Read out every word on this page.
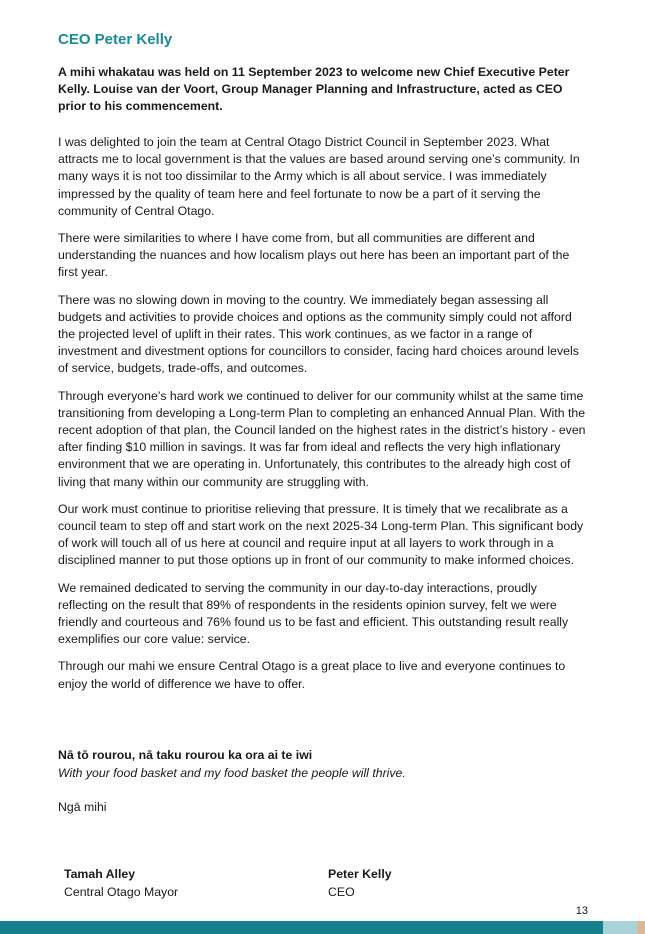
CEO Peter Kelly

A mihi whakatau was held on 11 September 2023 to welcome new Chief Executive Peter Kelly. Louise van der Voort, Group Manager Planning and Infrastructure, acted as CEO prior to his commencement.

I was delighted to join the team at Central Otago District Council in September 2023. What attracts me to local government is that the values are based around serving one’s community. In many ways it is not too dissimilar to the Army which is all about service. I was immediately impressed by the quality of team here and feel fortunate to now be a part of it serving the community of Central Otago.

There were similarities to where I have come from, but all communities are different and understanding the nuances and how localism plays out here has been an important part of the first year.

There was no slowing down in moving to the country. We immediately began assessing all budgets and activities to provide choices and options as the community simply could not afford the projected level of uplift in their rates. This work continues, as we factor in a range of investment and divestment options for councillors to consider, facing hard choices around levels of service, budgets, trade-offs, and outcomes.

Through everyone’s hard work we continued to deliver for our community whilst at the same time transitioning from developing a Long-term Plan to completing an enhanced Annual Plan. With the recent adoption of that plan, the Council landed on the highest rates in the district’s history - even after finding $10 million in savings. It was far from ideal and reflects the very high inflationary environment that we are operating in. Unfortunately, this contributes to the already high cost of living that many within our community are struggling with.

Our work must continue to prioritise relieving that pressure. It is timely that we recalibrate as a council team to step off and start work on the next 2025-34 Long-term Plan. This significant body of work will touch all of us here at council and require input at all layers to work through in a disciplined manner to put those options up in front of our community to make informed choices.

We remained dedicated to serving the community in our day-to-day interactions, proudly reflecting on the result that 89% of respondents in the residents opinion survey, felt we were friendly and courteous and 76% found us to be fast and efficient. This outstanding result really exemplifies our core value: service.

Through our mahi we ensure Central Otago is a great place to live and everyone continues to enjoy the world of difference we have to offer.

Nā tō rourou, nā taku rourou ka ora ai te iwi
With your food basket and my food basket the people will thrive.
Ngā mihi
Tamah Alley
Central Otago Mayor
Peter Kelly
CEO
13
